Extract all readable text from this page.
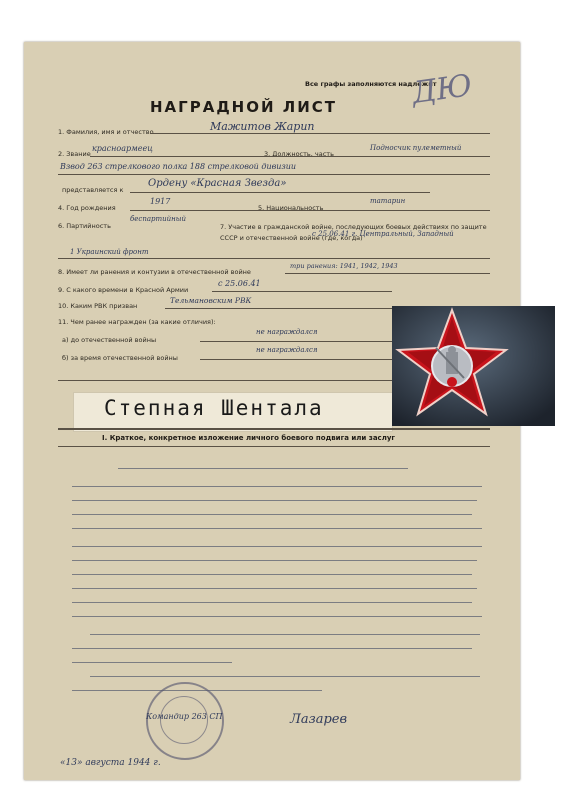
Все графы заполняются надлежит
ДЮ
НАГРАДНОЙ ЛИСТ
1. Фамилия, имя и отчество	Мажитов Жарип
2. Звание
красноармеец
3. Должность, часть
Подносчик пулеметный
Взвод 263 стрелкового полка 188 стрелковой дивизии
представляется к
Ордену «Красная Звезда»
4. Год рождения
1917
5. Национальность
татарин
6. Партийность
беспартийный
7. Участие в гражданской войне, последующих боевых действиях по защите СССР и отечественной войне (где, когда)
с 25.06.41 г. Центральный, Западный
1 Украинский фронт
8. Имеет ли ранения и контузии в отечественной войне
три ранения: 1941, 1942, 1943
9. С какого времени в Красной Армии
с 25.06.41
10. Каким РВК призван
Тельмановским РВК
11. Чем ранее награжден (за какие отличия):
а) до отечественной войны
не награждался
б) за время отечественной войны
не награждался
Степная Шентала
I. Краткое, конкретное изложение личного боевого подвига или заслуг
Командир 263 СП	Лазарев
«13» августа 1944 г.
